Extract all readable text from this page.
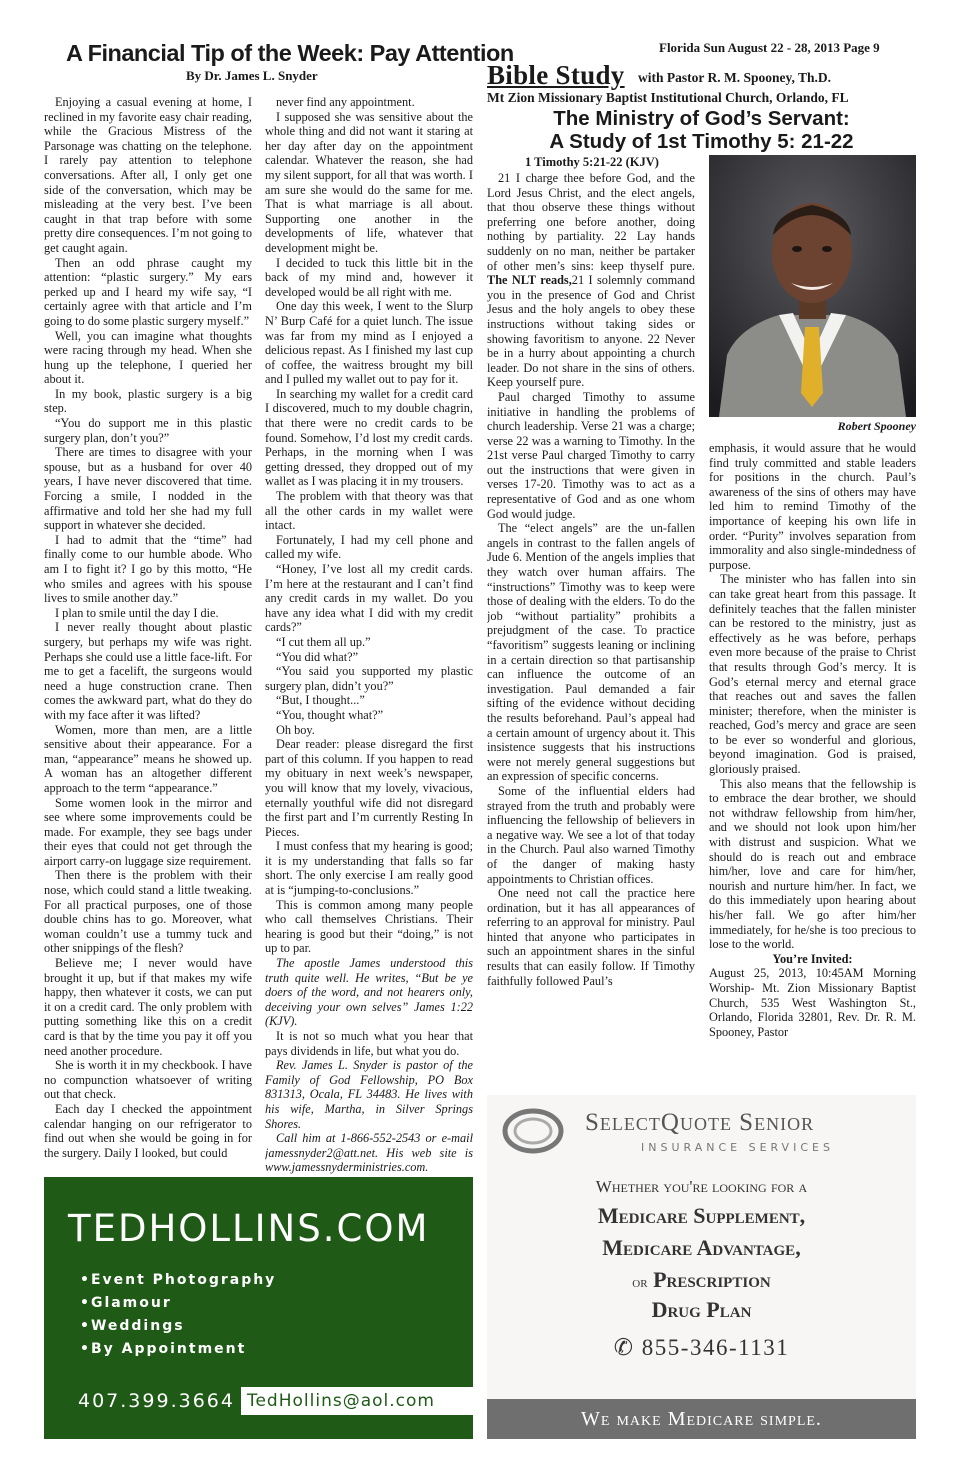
Florida Sun August 22 - 28, 2013 Page 9
A Financial Tip of the Week: Pay Attention
By Dr. James L. Snyder

Enjoying a casual evening at home, I reclined in my favorite easy chair reading, while the Gracious Mistress of the Parsonage was chatting on the telephone. I rarely pay attention to telephone conversations. After all, I only get one side of the conversation, which may be misleading at the very best. I’ve been caught in that trap before with some pretty dire consequences. I’m not going to get caught again.

Then an odd phrase caught my attention: “plastic surgery.” My ears perked up and I heard my wife say, “I certainly agree with that article and I’m going to do some plastic surgery myself.”

Well, you can imagine what thoughts were racing through my head. When she hung up the telephone, I queried her about it.

In my book, plastic surgery is a big step.

“You do support me in this plastic surgery plan, don’t you?”

There are times to disagree with your spouse, but as a husband for over 40 years, I have never discovered that time. Forcing a smile, I nodded in the affirmative and told her she had my full support in whatever she decided.

I had to admit that the “time” had finally come to our humble abode. Who am I to fight it? I go by this motto, “He who smiles and agrees with his spouse lives to smile another day.”

I plan to smile until the day I die.

I never really thought about plastic surgery, but perhaps my wife was right. Perhaps she could use a little face-lift. For me to get a facelift, the surgeons would need a huge construction crane. Then comes the awkward part, what do they do with my face after it was lifted?

Women, more than men, are a little sensitive about their appearance. For a man, “appearance” means he showed up. A woman has an altogether different approach to the term “appearance.”

Some women look in the mirror and see where some improvements could be made. For example, they see bags under their eyes that could not get through the airport carry-on luggage size requirement.

Then there is the problem with their nose, which could stand a little tweaking. For all practical purposes, one of those double chins has to go. Moreover, what woman couldn’t use a tummy tuck and other snippings of the flesh?

Believe me; I never would have brought it up, but if that makes my wife happy, then whatever it costs, we can put it on a credit card. The only problem with putting something like this on a credit card is that by the time you pay it off you need another procedure.

She is worth it in my checkbook. I have no compunction whatsoever of writing out that check.

Each day I checked the appointment calendar hanging on our refrigerator to find out when she would be going in for the surgery. Daily I looked, but could

never find any appointment.

I supposed she was sensitive about the whole thing and did not want it staring at her day after day on the appointment calendar. Whatever the reason, she had my silent support, for all that was worth. I am sure she would do the same for me. That is what marriage is all about. Supporting one another in the developments of life, whatever that development might be.

I decided to tuck this little bit in the back of my mind and, however it developed would be all right with me.

One day this week, I went to the Slurp N’ Burp Café for a quiet lunch. The issue was far from my mind as I enjoyed a delicious repast. As I finished my last cup of coffee, the waitress brought my bill and I pulled my wallet out to pay for it.

In searching my wallet for a credit card I discovered, much to my double chagrin, that there were no credit cards to be found. Somehow, I’d lost my credit cards. Perhaps, in the morning when I was getting dressed, they dropped out of my wallet as I was placing it in my trousers.

The problem with that theory was that all the other cards in my wallet were intact.

Fortunately, I had my cell phone and called my wife.

“Honey, I’ve lost all my credit cards. I’m here at the restaurant and I can’t find any credit cards in my wallet. Do you have any idea what I did with my credit cards?”

“I cut them all up.”

“You did what?”

“You said you supported my plastic surgery plan, didn’t you?”

“But, I thought...”

“You, thought what?”

Oh boy.

Dear reader: please disregard the first part of this column. If you happen to read my obituary in next week’s newspaper, you will know that my lovely, vivacious, eternally youthful wife did not disregard the first part and I’m currently Resting In Pieces.

I must confess that my hearing is good; it is my understanding that falls so far short. The only exercise I am really good at is “jumping-to-conclusions.”

This is common among many people who call themselves Christians. Their hearing is good but their “doing,” is not up to par.

The apostle James understood this truth quite well. He writes, “But be ye doers of the word, and not hearers only, deceiving your own selves” James 1:22 (KJV).

It is not so much what you hear that pays dividends in life, but what you do.

Rev. James L. Snyder is pastor of the Family of God Fellowship, PO Box 831313, Ocala, FL 34483. He lives with his wife, Martha, in Silver Springs Shores.

Call him at 1-866-552-2543 or e-mail jamessnyder2@att.net. His web site is www.jamessnyderministries.com.

Bible Study with Pastor R. M. Spooney, Th.D.
Mt Zion Missionary Baptist Institutional Church, Orlando, FL
The Ministry of God’s Servant:
A Study of 1st Timothy 5: 21-22
1 Timothy 5:21-22 (KJV)

21 I charge thee before God, and the Lord Jesus Christ, and the elect angels, that thou observe these things without preferring one before another, doing nothing by partiality. 22 Lay hands suddenly on no man, neither be partaker of other men’s sins: keep thyself pure. The NLT reads,21 I solemnly command you in the presence of God and Christ Jesus and the holy angels to obey these instructions without taking sides or showing favoritism to anyone. 22 Never be in a hurry about appointing a church leader. Do not share in the sins of others. Keep yourself pure.

Paul charged Timothy to assume initiative in handling the problems of church leadership. Verse 21 was a charge; verse 22 was a warning to Timothy. In the 21st verse Paul charged Timothy to carry out the instructions that were given in verses 17-20. Timothy was to act as a representative of God and as one whom God would judge.

The “elect angels” are the un-fallen angels in contrast to the fallen angels of Jude 6. Mention of the angels implies that they watch over human affairs. The “instructions” Timothy was to keep were those of dealing with the elders. To do the job “without partiality” prohibits a prejudgment of the case. To practice “favoritism” suggests leaning or inclining in a certain direction so that partisanship can influence the outcome of an investigation. Paul demanded a fair sifting of the evidence without deciding the results beforehand. Paul’s appeal had a certain amount of urgency about it. This insistence suggests that his instructions were not merely general suggestions but an expression of specific concerns.

Some of the influential elders had strayed from the truth and probably were influencing the fellowship of believers in a negative way. We see a lot of that today in the Church. Paul also warned Timothy of the danger of making hasty appointments to Christian offices.

One need not call the practice here ordination, but it has all appearances of referring to an approval for ministry. Paul hinted that anyone who participates in such an appointment shares in the sinful results that can easily follow. If Timothy faithfully followed Paul’s

Robert Spooney

emphasis, it would assure that he would find truly committed and stable leaders for positions in the church. Paul’s awareness of the sins of others may have led him to remind Timothy of the importance of keeping his own life in order. “Purity” involves separation from immorality and also single-mindedness of purpose.

The minister who has fallen into sin can take great heart from this passage. It definitely teaches that the fallen minister can be restored to the ministry, just as effectively as he was before, perhaps even more because of the praise to Christ that results through God’s mercy. It is God’s eternal mercy and eternal grace that reaches out and saves the fallen minister; therefore, when the minister is reached, God’s mercy and grace are seen to be ever so wonderful and glorious, beyond imagination. God is praised, gloriously praised.

This also means that the fellowship is to embrace the dear brother, we should not withdraw fellowship from him/her, and we should not look upon him/her with distrust and suspicion. What we should do is reach out and embrace him/her, love and care for him/her, nourish and nurture him/her. In fact, we do this immediately upon hearing about his/her fall. We go after him/her immediately, for he/she is too precious to lose to the world.

You’re Invited:

August 25, 2013, 10:45AM Morning Worship- Mt. Zion Missionary Baptist Church, 535 West Washington St., Orlando, Florida 32801, Rev. Dr. R. M. Spooney, Pastor

TEDHOLLINS.COM
•Event Photography
•Glamour
•Weddings
•By Appointment
407.399.3664 TedHollins@aol.com
SelectQuote Senior
INSURANCE SERVICES
Whether you're looking for a
Medicare Supplement,
Medicare Advantage,
or Prescription
Drug Plan
✆ 855-346-1131
We make Medicare simple.
